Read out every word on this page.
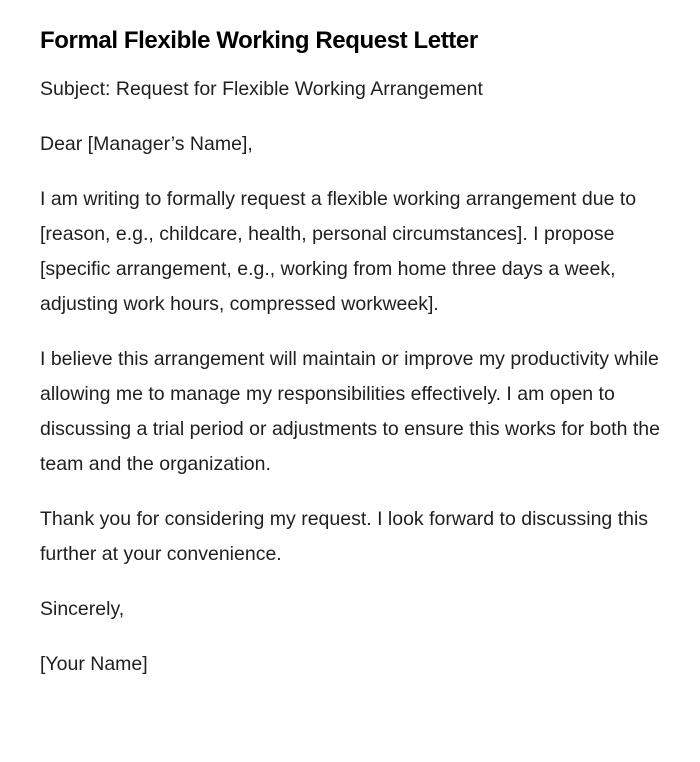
Formal Flexible Working Request Letter

Subject: Request for Flexible Working Arrangement

Dear [Manager’s Name],

I am writing to formally request a flexible working arrangement due to [reason, e.g., childcare, health, personal circumstances]. I propose [specific arrangement, e.g., working from home three days a week, adjusting work hours, compressed workweek].

I believe this arrangement will maintain or improve my productivity while allowing me to manage my responsibilities effectively. I am open to discussing a trial period or adjustments to ensure this works for both the team and the organization.

Thank you for considering my request. I look forward to discussing this further at your convenience.

Sincerely,

[Your Name]
